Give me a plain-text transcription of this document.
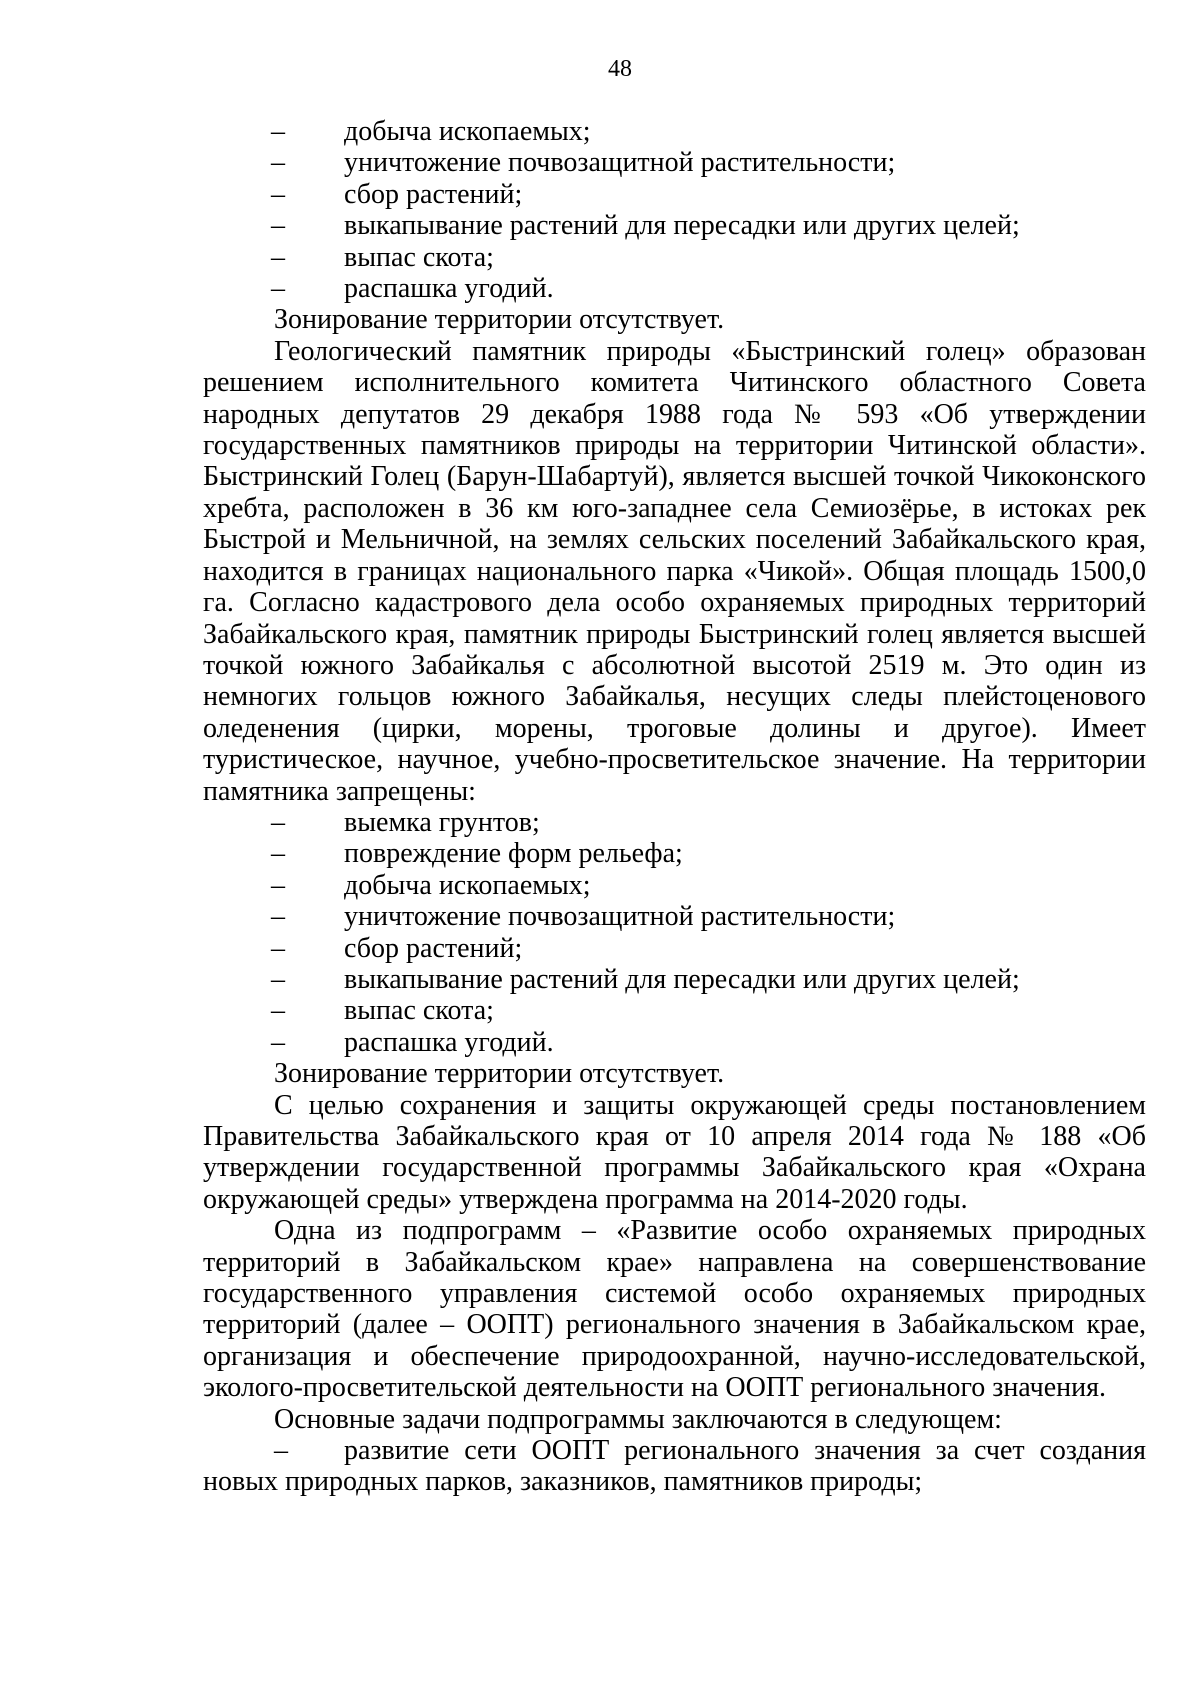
48
– добыча ископаемых;
– уничтожение почвозащитной растительности;
– сбор растений;
– выкапывание растений для пересадки или других целей;
– выпас скота;
– распашка угодий.
Зонирование территории отсутствует.
Геологический памятник природы «Быстринский голец» образован решением исполнительного комитета Читинского областного Совета народных депутатов 29 декабря 1988 года № 593 «Об утверждении государственных памятников природы на территории Читинской области». Быстринский Голец (Барун-Шабартуй), является высшей точкой Чикоконского хребта, расположен в 36 км юго-западнее села Семиозёрье, в истоках рек Быстрой и Мельничной, на землях сельских поселений Забайкальского края, находится в границах национального парка «Чикой». Общая площадь 1500,0 га. Согласно кадастрового дела особо охраняемых природных территорий Забайкальского края, памятник природы Быстринский голец является высшей точкой южного Забайкалья с абсолютной высотой 2519 м. Это один из немногих гольцов южного Забайкалья, несущих следы плейстоценового оледенения (цирки, морены, троговые долины и другое). Имеет туристическое, научное, учебно-просветительское значение. На территории памятника запрещены:
– выемка грунтов;
– повреждение форм рельефа;
– добыча ископаемых;
– уничтожение почвозащитной растительности;
– сбор растений;
– выкапывание растений для пересадки или других целей;
– выпас скота;
– распашка угодий.
Зонирование территории отсутствует.
С целью сохранения и защиты окружающей среды постановлением Правительства Забайкальского края от 10 апреля 2014 года № 188 «Об утверждении государственной программы Забайкальского края «Охрана окружающей среды» утверждена программа на 2014-2020 годы.
Одна из подпрограмм – «Развитие особо охраняемых природных территорий в Забайкальском крае» направлена на совершенствование государственного управления системой особо охраняемых природных территорий (далее – ООПТ) регионального значения в Забайкальском крае, организация и обеспечение природоохранной, научно-исследовательской, эколого-просветительской деятельности на ООПТ регионального значения.
Основные задачи подпрограммы заключаются в следующем:
– развитие сети ООПТ регионального значения за счет создания новых природных парков, заказников, памятников природы;
